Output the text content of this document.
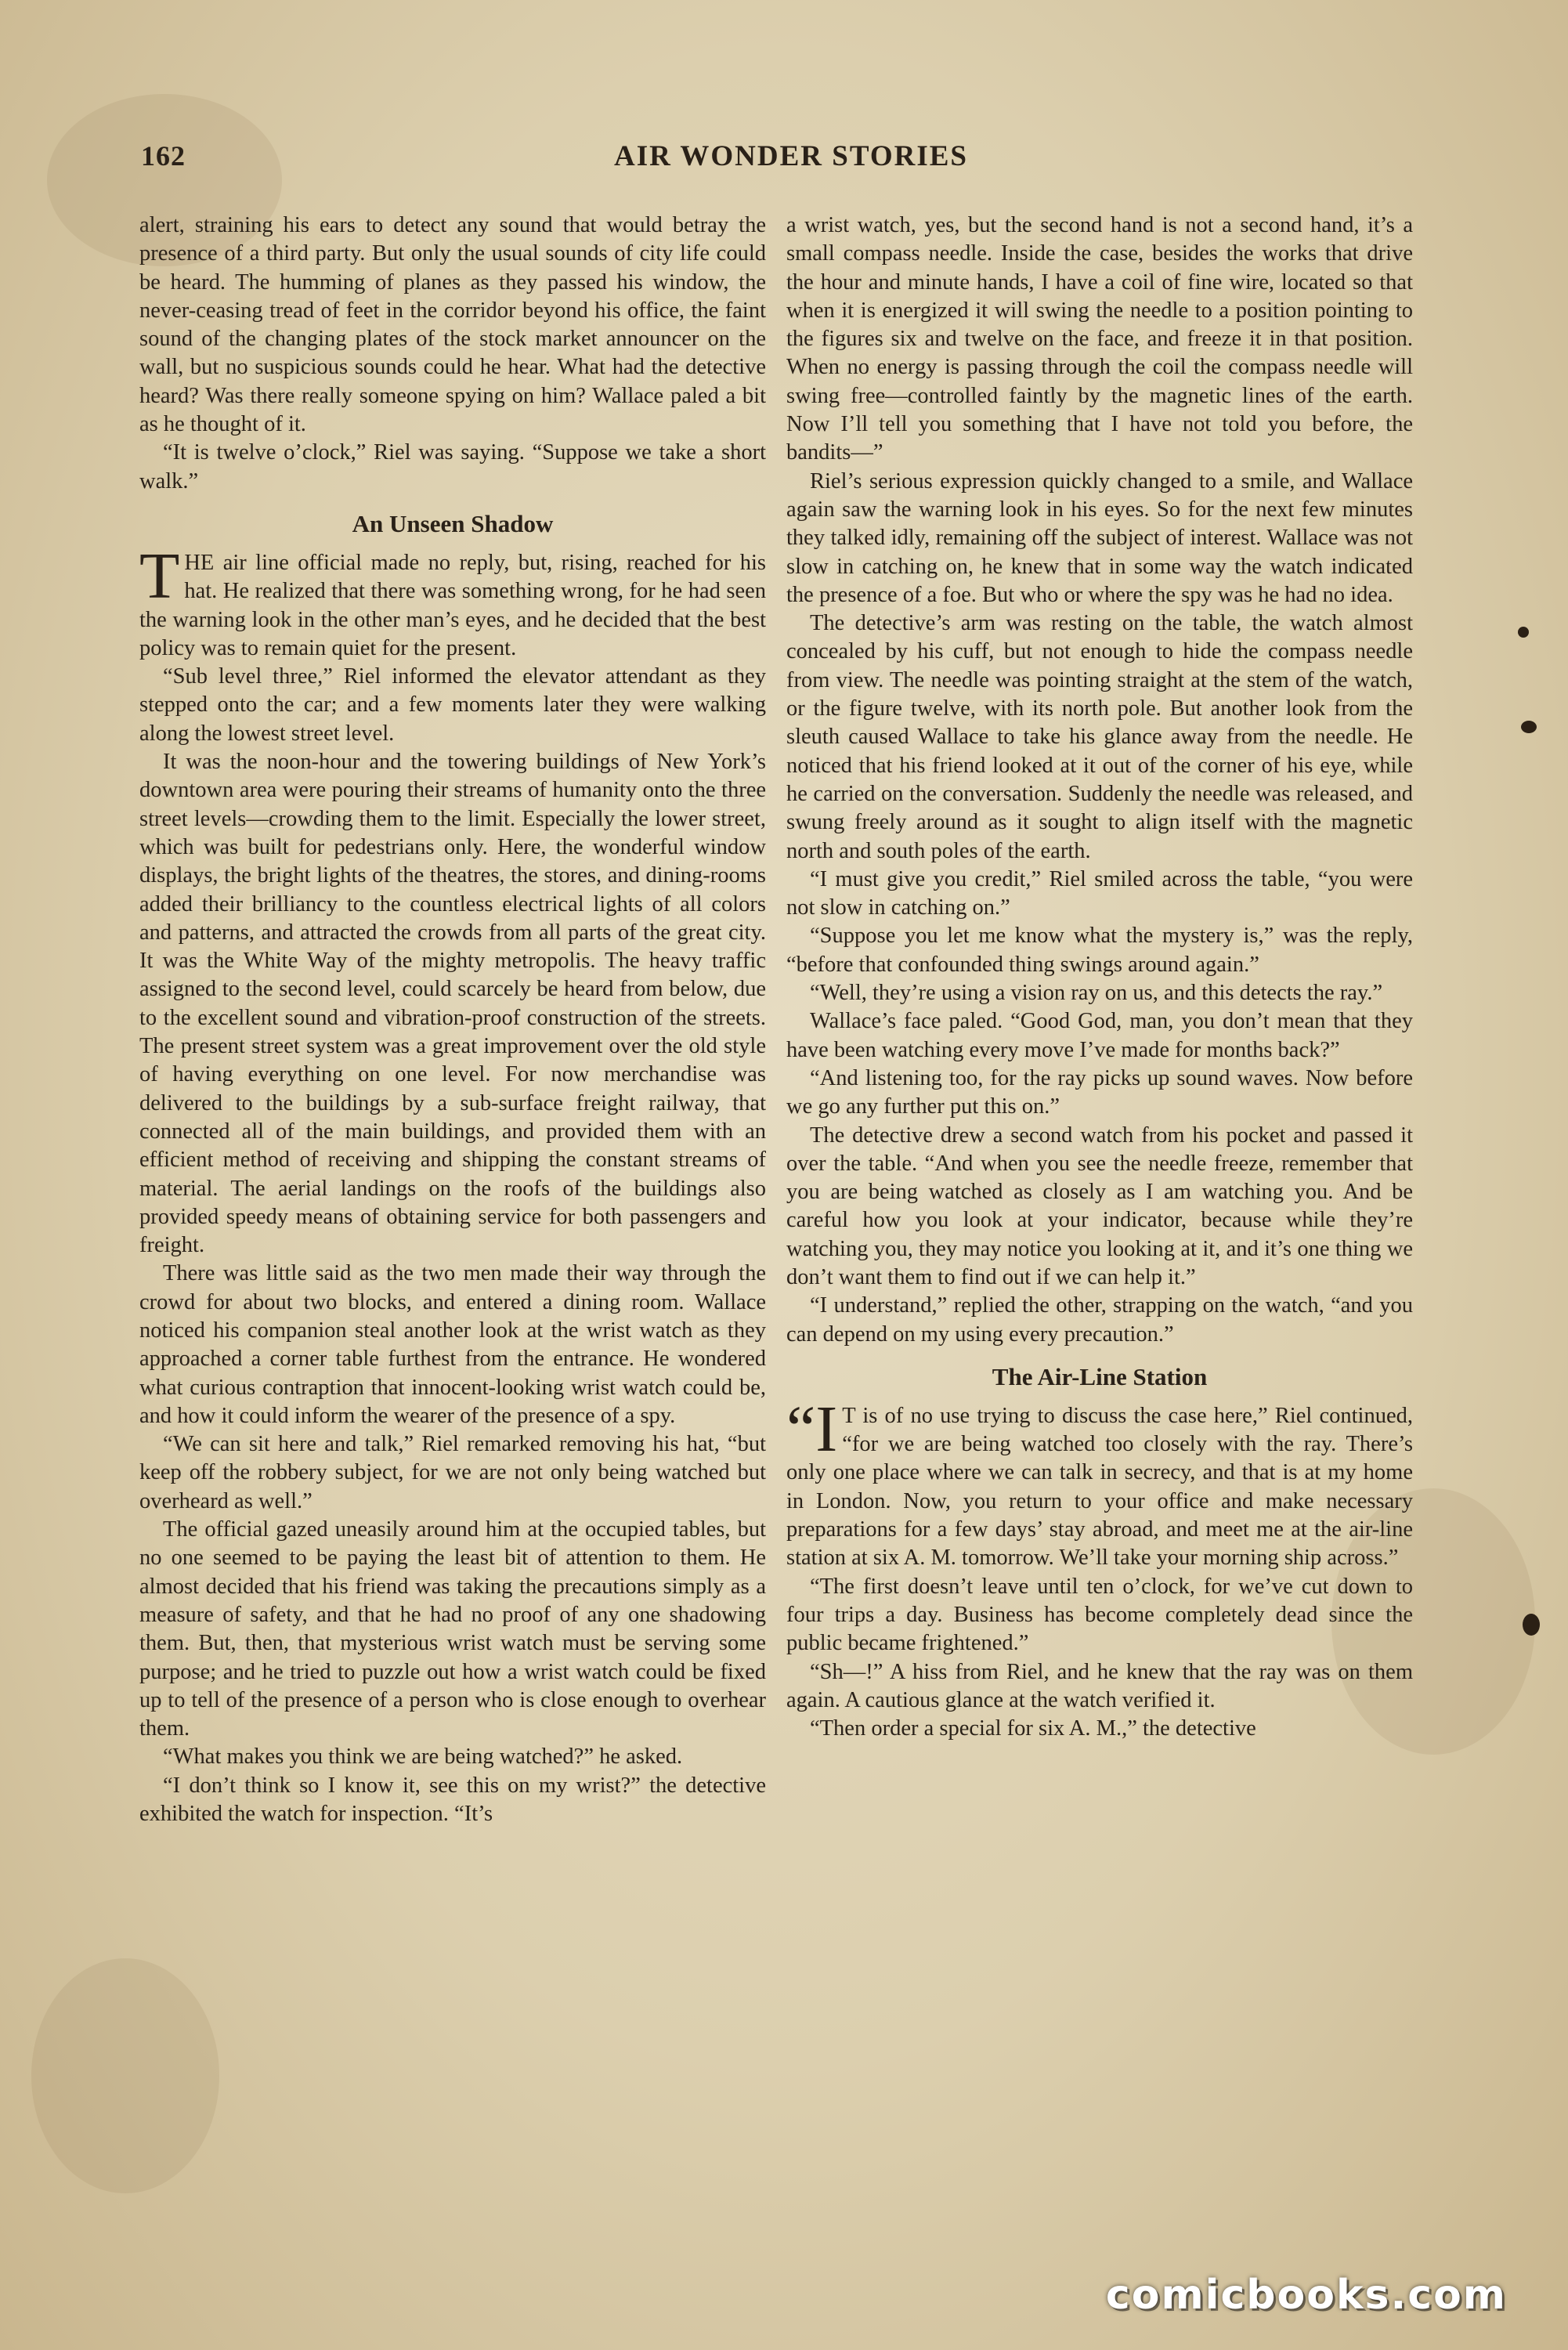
162	AIR WONDER STORIES

alert, straining his ears to detect any sound that would betray the presence of a third party. But only the usual sounds of city life could be heard. The humming of planes as they passed his window, the never-ceasing tread of feet in the corridor beyond his office, the faint sound of the changing plates of the stock market announcer on the wall, but no suspicious sounds could he hear. What had the detective heard? Was there really someone spying on him? Wallace paled a bit as he thought of it.

“It is twelve o’clock,” Riel was saying. “Suppose we take a short walk.”

An Unseen Shadow

THE air line official made no reply, but, rising, reached for his hat. He realized that there was something wrong, for he had seen the warning look in the other man’s eyes, and he decided that the best policy was to remain quiet for the present.

“Sub level three,” Riel informed the elevator attendant as they stepped onto the car; and a few moments later they were walking along the lowest street level.

It was the noon-hour and the towering buildings of New York’s downtown area were pouring their streams of humanity onto the three street levels—crowding them to the limit. Especially the lower street, which was built for pedestrians only. Here, the wonderful window displays, the bright lights of the theatres, the stores, and dining-rooms added their brilliancy to the countless electrical lights of all colors and patterns, and attracted the crowds from all parts of the great city. It was the White Way of the mighty metropolis. The heavy traffic assigned to the second level, could scarcely be heard from below, due to the excellent sound and vibration-proof construction of the streets. The present street system was a great improvement over the old style of having everything on one level. For now merchandise was delivered to the buildings by a sub-surface freight railway, that connected all of the main buildings, and provided them with an efficient method of receiving and shipping the constant streams of material. The aerial landings on the roofs of the buildings also provided speedy means of obtaining service for both passengers and freight.

There was little said as the two men made their way through the crowd for about two blocks, and entered a dining room. Wallace noticed his companion steal another look at the wrist watch as they approached a corner table furthest from the entrance. He wondered what curious contraption that innocent-looking wrist watch could be, and how it could inform the wearer of the presence of a spy.

“We can sit here and talk,” Riel remarked removing his hat, “but keep off the robbery subject, for we are not only being watched but overheard as well.”

The official gazed uneasily around him at the occupied tables, but no one seemed to be paying the least bit of attention to them. He almost decided that his friend was taking the precautions simply as a measure of safety, and that he had no proof of any one shadowing them. But, then, that mysterious wrist watch must be serving some purpose; and he tried to puzzle out how a wrist watch could be fixed up to tell of the presence of a person who is close enough to overhear them.

“What makes you think we are being watched?” he asked.

“I don’t think so I know it, see this on my wrist?” the detective exhibited the watch for inspection. “It’s

a wrist watch, yes, but the second hand is not a second hand, it’s a small compass needle. Inside the case, besides the works that drive the hour and minute hands, I have a coil of fine wire, located so that when it is energized it will swing the needle to a position pointing to the figures six and twelve on the face, and freeze it in that position. When no energy is passing through the coil the compass needle will swing free—controlled faintly by the magnetic lines of the earth. Now I’ll tell you something that I have not told you before, the bandits—”

Riel’s serious expression quickly changed to a smile, and Wallace again saw the warning look in his eyes. So for the next few minutes they talked idly, remaining off the subject of interest. Wallace was not slow in catching on, he knew that in some way the watch indicated the presence of a foe. But who or where the spy was he had no idea.

The detective’s arm was resting on the table, the watch almost concealed by his cuff, but not enough to hide the compass needle from view. The needle was pointing straight at the stem of the watch, or the figure twelve, with its north pole. But another look from the sleuth caused Wallace to take his glance away from the needle. He noticed that his friend looked at it out of the corner of his eye, while he carried on the conversation. Suddenly the needle was released, and swung freely around as it sought to align itself with the magnetic north and south poles of the earth.

“I must give you credit,” Riel smiled across the table, “you were not slow in catching on.”

“Suppose you let me know what the mystery is,” was the reply, “before that confounded thing swings around again.”

“Well, they’re using a vision ray on us, and this detects the ray.”

Wallace’s face paled. “Good God, man, you don’t mean that they have been watching every move I’ve made for months back?”

“And listening too, for the ray picks up sound waves. Now before we go any further put this on.”

The detective drew a second watch from his pocket and passed it over the table. “And when you see the needle freeze, remember that you are being watched as closely as I am watching you. And be careful how you look at your indicator, because while they’re watching you, they may notice you looking at it, and it’s one thing we don’t want them to find out if we can help it.”

“I understand,” replied the other, strapping on the watch, “and you can depend on my using every precaution.”

The Air-Line Station

“I T is of no use trying to discuss the case here,” Riel continued, “for we are being watched too closely with the ray. There’s only one place where we can talk in secrecy, and that is at my home in London. Now, you return to your office and make necessary preparations for a few days’ stay abroad, and meet me at the air-line station at six A. M. tomorrow. We’ll take your morning ship across.”

“The first doesn’t leave until ten o’clock, for we’ve cut down to four trips a day. Business has become completely dead since the public became frightened.”

“Sh—!” A hiss from Riel, and he knew that the ray was on them again. A cautious glance at the watch verified it.

“Then order a special for six A. M.,” the detective

comicbooks.com
